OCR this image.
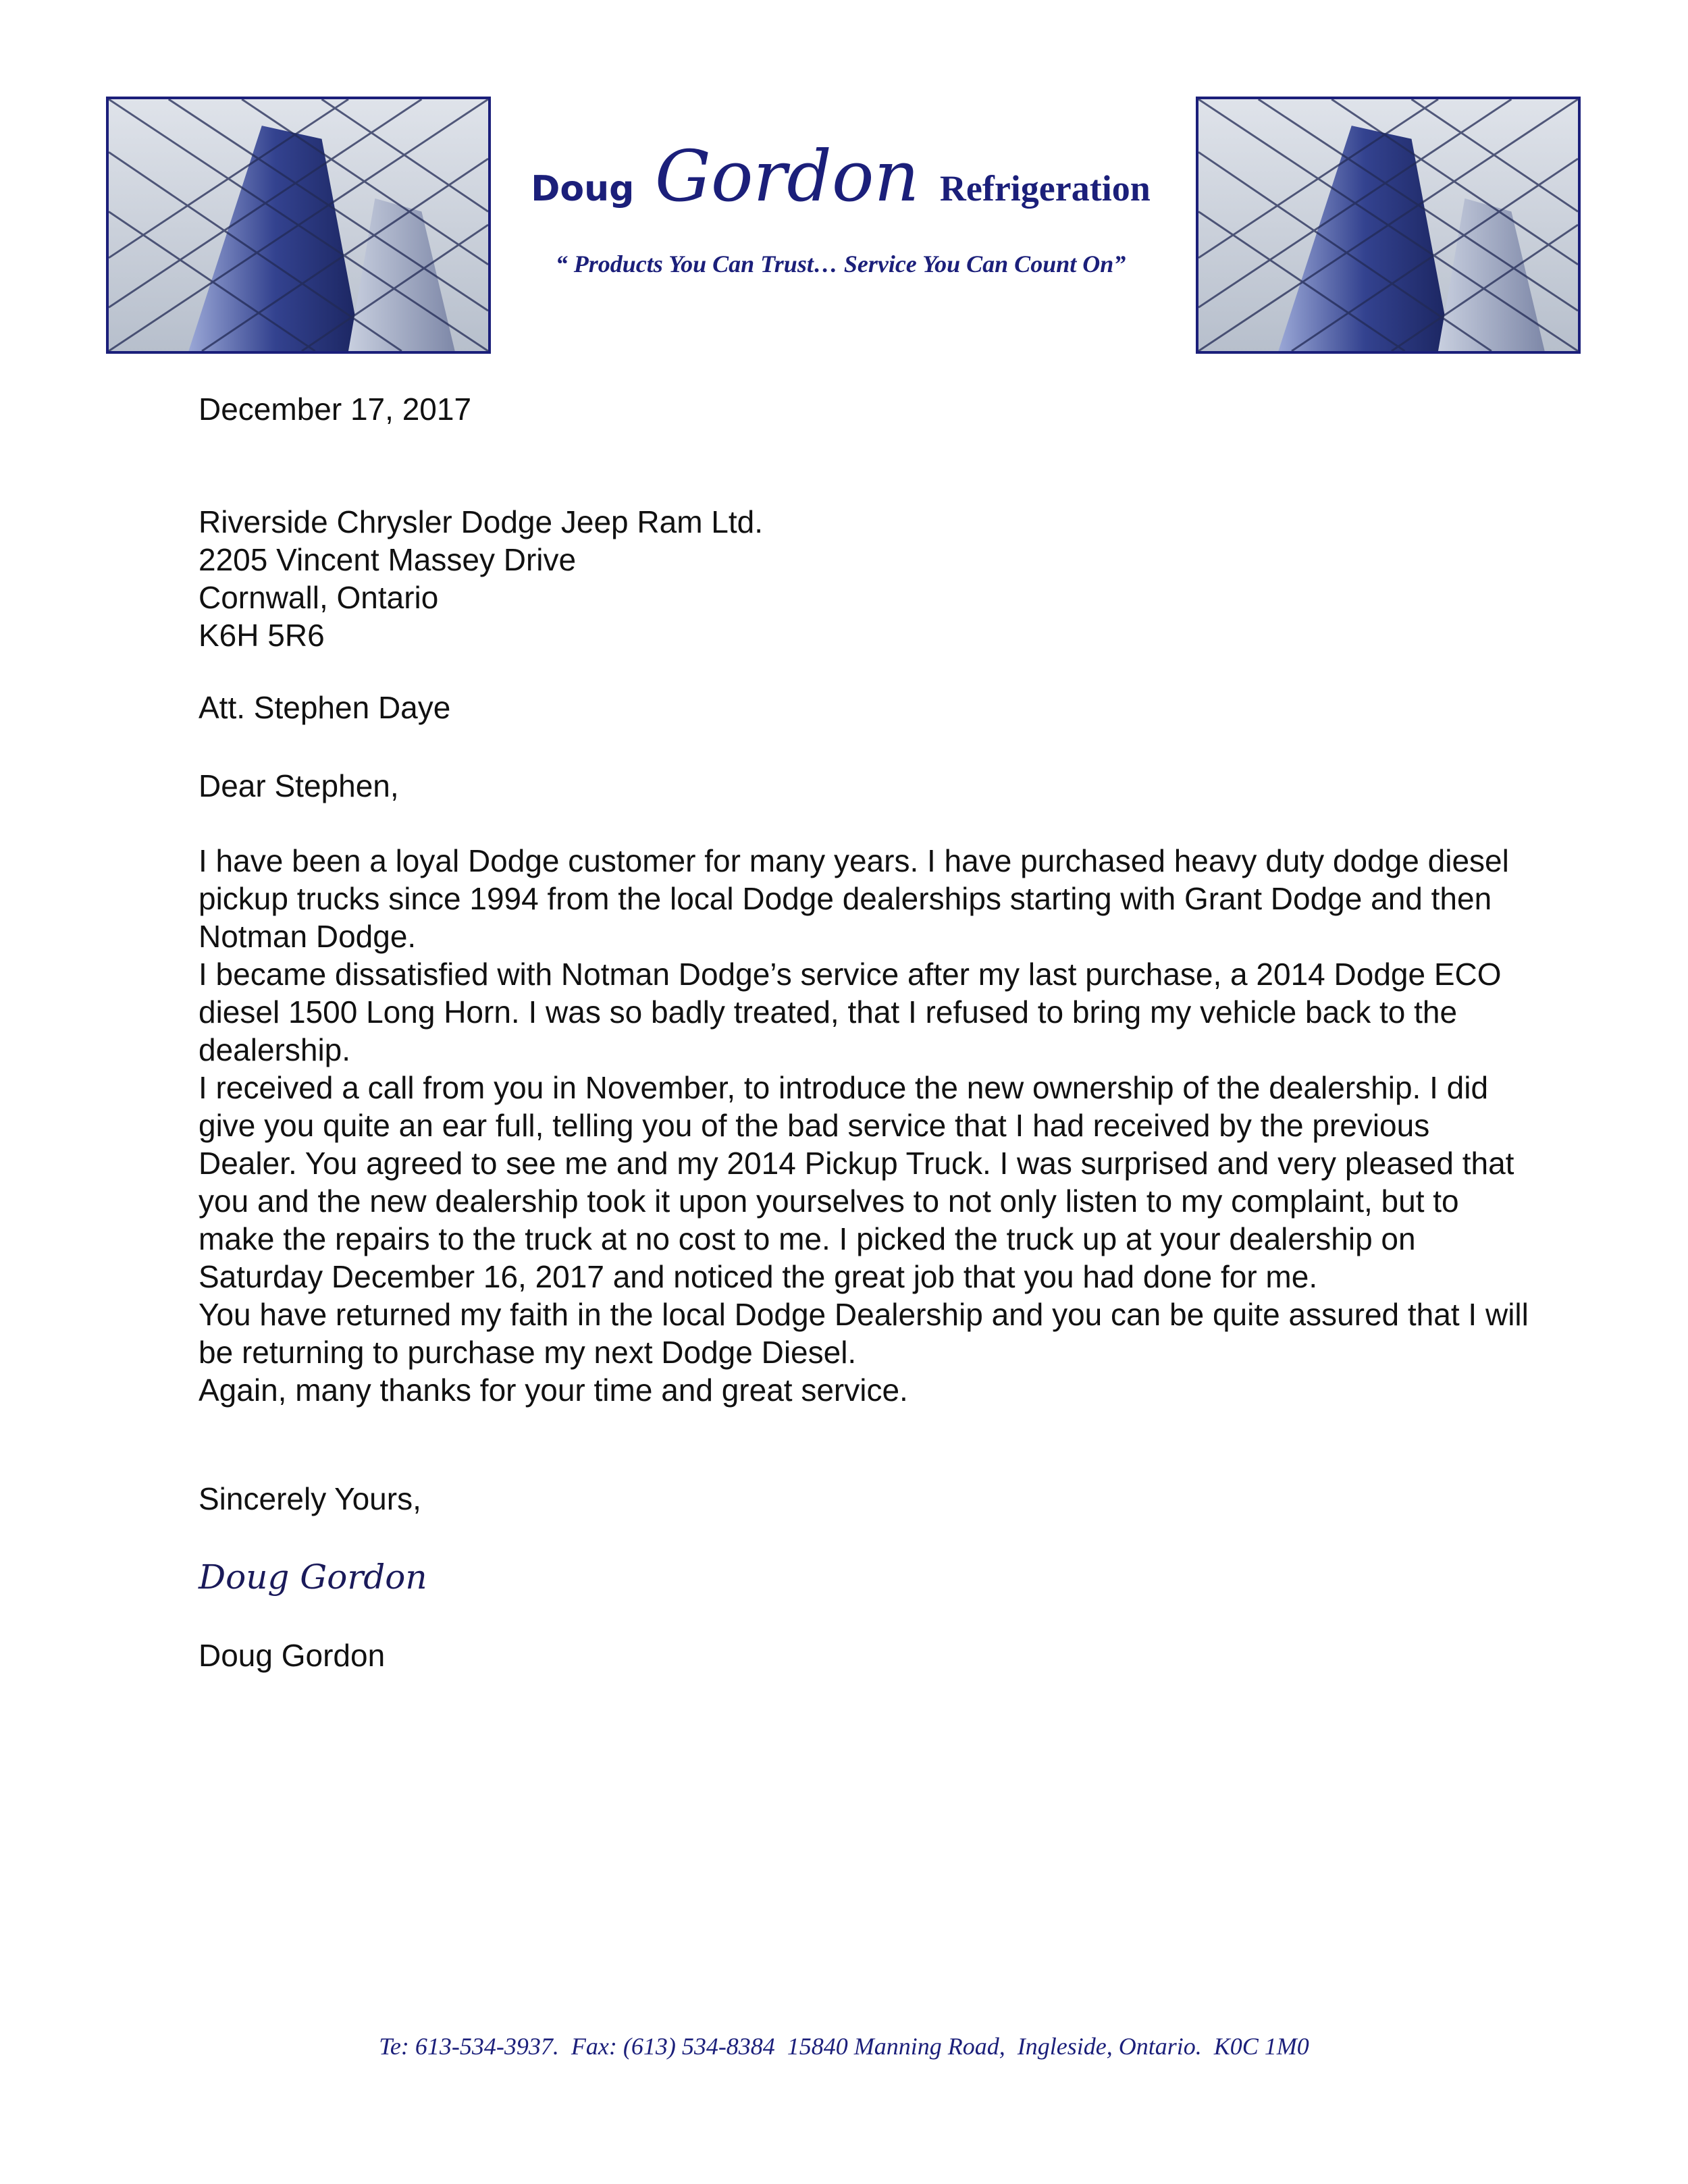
Doug Gordon Refrigeration
“ Products You Can Trust… Service You Can Count On”
December 17, 2017
Riverside Chrysler Dodge Jeep Ram Ltd.
2205 Vincent Massey Drive
Cornwall, Ontario
K6H 5R6
Att. Stephen Daye
Dear Stephen,

I have been a loyal Dodge customer for many years. I have purchased heavy duty dodge diesel pickup trucks since 1994 from the local Dodge dealerships starting with Grant Dodge and then Notman Dodge.

I became dissatisfied with Notman Dodge’s service after my last purchase, a 2014 Dodge ECO diesel 1500 Long Horn. I was so badly treated, that I refused to bring my vehicle back to the dealership.

I received a call from you in November, to introduce the new ownership of the dealership. I did give you quite an ear full, telling you of the bad service that I had received by the previous Dealer. You agreed to see me and my 2014 Pickup Truck. I was surprised and very pleased that you and the new dealership took it upon yourselves to not only listen to my complaint, but to make the repairs to the truck at no cost to me. I picked the truck up at your dealership on Saturday December 16, 2017 and noticed the great job that you had done for me.

You have returned my faith in the local Dodge Dealership and you can be quite assured that I will be returning to purchase my next Dodge Diesel.

Again, many thanks for your time and great service.

Sincerely Yours,
Doug Gordon
Doug Gordon
Te: 613-534-3937.  Fax: (613) 534-8384  15840 Manning Road,  Ingleside, Ontario.  K0C 1M0
